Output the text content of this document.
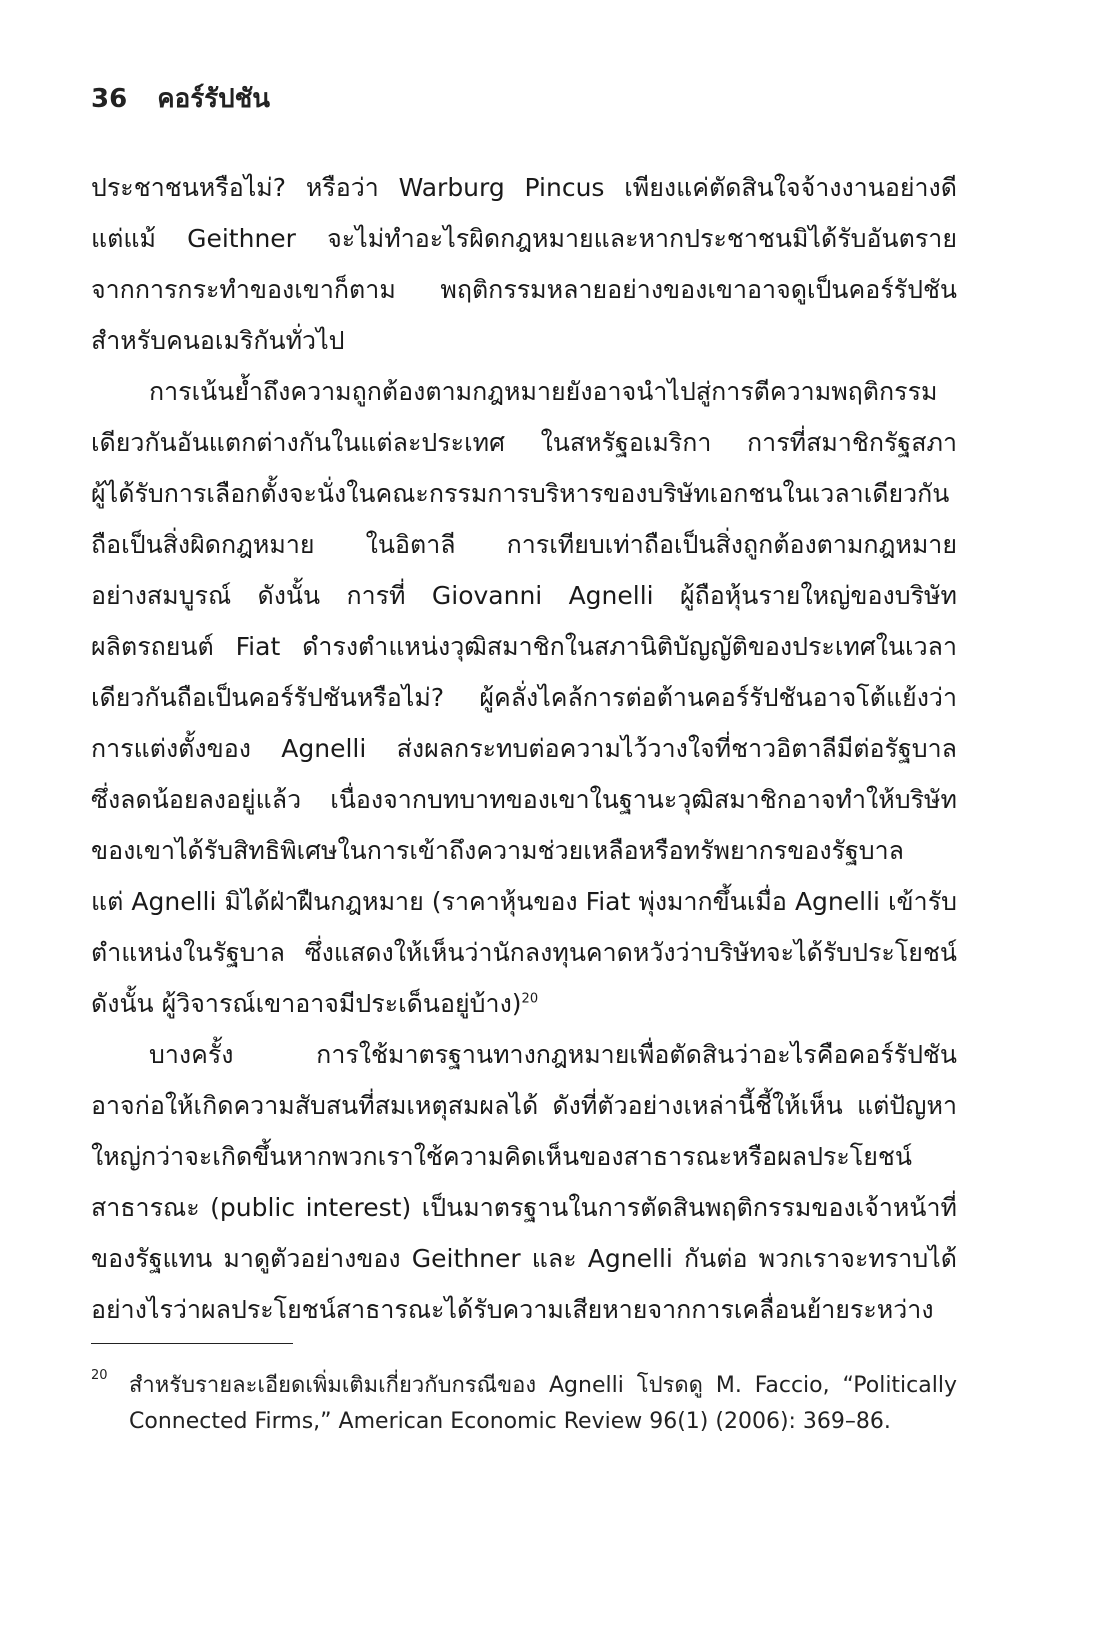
36 คอร์รัปชัน
ประชาชนหรือไม่? หรือว่า Warburg Pincus เพียงแค่ตัดสินใจจ้างงานอย่างดี
แต่แม้ Geithner จะไม่ทำอะไรผิดกฎหมายและหากประชาชนมิได้รับอันตราย
จากการกระทำของเขาก็ตาม พฤติกรรมหลายอย่างของเขาอาจดูเป็นคอร์รัปชัน
สำหรับคนอเมริกันทั่วไป
การเน้นย้ำถึงความถูกต้องตามกฎหมายยังอาจนำไปสู่การตีความพฤติกรรม
เดียวกันอันแตกต่างกันในแต่ละประเทศ ในสหรัฐอเมริกา การที่สมาชิกรัฐสภา
ผู้ได้รับการเลือกตั้งจะนั่งในคณะกรรมการบริหารของบริษัทเอกชนในเวลาเดียวกัน
ถือเป็นสิ่งผิดกฎหมาย ในอิตาลี การเทียบเท่าถือเป็นสิ่งถูกต้องตามกฎหมาย
อย่างสมบูรณ์ ดังนั้น การที่ Giovanni Agnelli ผู้ถือหุ้นรายใหญ่ของบริษัท
ผลิตรถยนต์ Fiat ดำรงตำแหน่งวุฒิสมาชิกในสภานิติบัญญัติของประเทศในเวลา
เดียวกันถือเป็นคอร์รัปชันหรือไม่? ผู้คลั่งไคล้การต่อต้านคอร์รัปชันอาจโต้แย้งว่า
การแต่งตั้งของ Agnelli ส่งผลกระทบต่อความไว้วางใจที่ชาวอิตาลีมีต่อรัฐบาล
ซึ่งลดน้อยลงอยู่แล้ว เนื่องจากบทบาทของเขาในฐานะวุฒิสมาชิกอาจทำให้บริษัท
ของเขาได้รับสิทธิพิเศษในการเข้าถึงความช่วยเหลือหรือทรัพยากรของรัฐบาล
แต่ Agnelli มิได้ฝ่าฝืนกฎหมาย (ราคาหุ้นของ Fiat พุ่งมากขึ้นเมื่อ Agnelli เข้ารับ
ตำแหน่งในรัฐบาล ซึ่งแสดงให้เห็นว่านักลงทุนคาดหวังว่าบริษัทจะได้รับประโยชน์
ดังนั้น ผู้วิจารณ์เขาอาจมีประเด็นอยู่บ้าง)$^{20}$
บางครั้ง การใช้มาตรฐานทางกฎหมายเพื่อตัดสินว่าอะไรคือคอร์รัปชัน
อาจก่อให้เกิดความสับสนที่สมเหตุสมผลได้ ดังที่ตัวอย่างเหล่านี้ชี้ให้เห็น แต่ปัญหา
ใหญ่กว่าจะเกิดขึ้นหากพวกเราใช้ความคิดเห็นของสาธารณะหรือผลประโยชน์
สาธารณะ (public interest) เป็นมาตรฐานในการตัดสินพฤติกรรมของเจ้าหน้าที่
ของรัฐแทน มาดูตัวอย่างของ Geithner และ Agnelli กันต่อ พวกเราจะทราบได้
อย่างไรว่าผลประโยชน์สาธารณะได้รับความเสียหายจากการเคลื่อนย้ายระหว่าง
20 สำหรับรายละเอียดเพิ่มเติมเกี่ยวกับกรณีของ Agnelli โปรดดู M. Faccio, “Politically
Connected Firms,” American Economic Review 96(1) (2006): 369–86.
